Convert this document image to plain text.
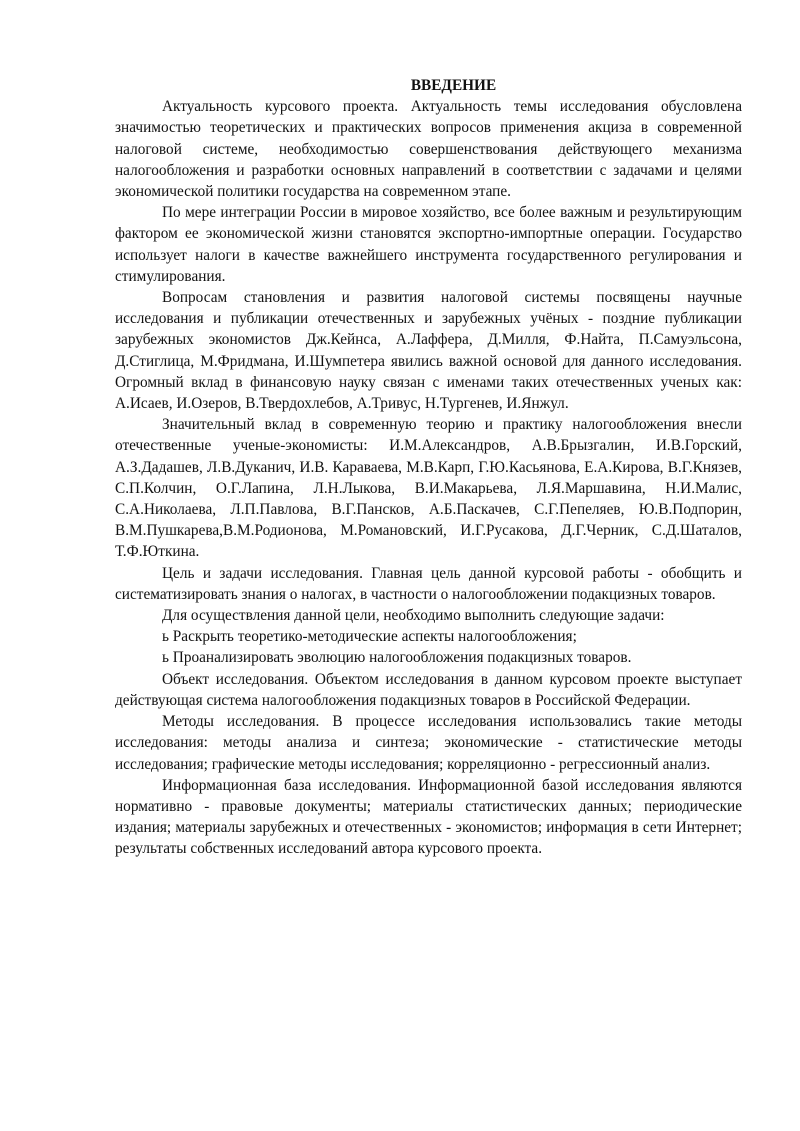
ВВЕДЕНИЕ

Актуальность курсового проекта. Актуальность темы исследования обусловлена значимостью теоретических и практических вопросов применения акциза в современной налоговой системе, необходимостью совершенствования действующего механизма налогообложения и разработки основных направлений в соответствии с задачами и целями экономической политики государства на современном этапе.

По мере интеграции России в мировое хозяйство, все более важным и результирующим фактором ее экономической жизни становятся экспортно-импортные операции. Государство использует налоги в качестве важнейшего инструмента государственного регулирования и стимулирования.

Вопросам становления и развития налоговой системы посвящены научные исследования и публикации отечественных и зарубежных учёных - поздние публикации зарубежных экономистов Дж.Кейнса, А.Лаффера, Д.Милля, Ф.Найта, П.Самуэльсона, Д.Стиглица, М.Фридмана, И.Шумпетера явились важной основой для данного исследования. Огромный вклад в финансовую науку связан с именами таких отечественных ученых как: А.Исаев, И.Озеров, В.Твердохлебов, А.Тривус, Н.Тургенев, И.Янжул.

Значительный вклад в современную теорию и практику налогообложения внесли отечественные ученые-экономисты: И.М.Александров, А.В.Брызгалин, И.В.Горский, А.З.Дадашев, Л.В.Дуканич, И.В. Караваева, М.В.Карп, Г.Ю.Касьянова, Е.А.Кирова, В.Г.Князев, С.П.Колчин, О.Г.Лапина, Л.Н.Лыкова, В.И.Макарьева, Л.Я.Маршавина, Н.И.Малис, С.А.Николаева, Л.П.Павлова, В.Г.Пансков, А.Б.Паскачев, С.Г.Пепеляев, Ю.В.Подпорин, В.М.Пушкарева,В.М.Родионова, М.Романовский, И.Г.Русакова, Д.Г.Черник, С.Д.Шаталов, Т.Ф.Юткина.

Цель и задачи исследования. Главная цель данной курсовой работы - обобщить и систематизировать знания о налогах, в частности о налогообложении подакцизных товаров.

Для осуществления данной цели, необходимо выполнить следующие задачи:

ь Раскрыть теоретико-методические аспекты налогообложения;

ь Проанализировать эволюцию налогообложения подакцизных товаров.

Объект исследования. Объектом исследования в данном курсовом проекте выступает действующая система налогообложения подакцизных товаров в Российской Федерации.

Методы исследования. В процессе исследования использовались такие методы исследования: методы анализа и синтеза; экономические - статистические методы исследования; графические методы исследования; корреляционно - регрессионный анализ.

Информационная база исследования. Информационной базой исследования являются нормативно - правовые документы; материалы статистических данных; периодические издания; материалы зарубежных и отечественных - экономистов; информация в сети Интернет; результаты собственных исследований автора курсового проекта.
